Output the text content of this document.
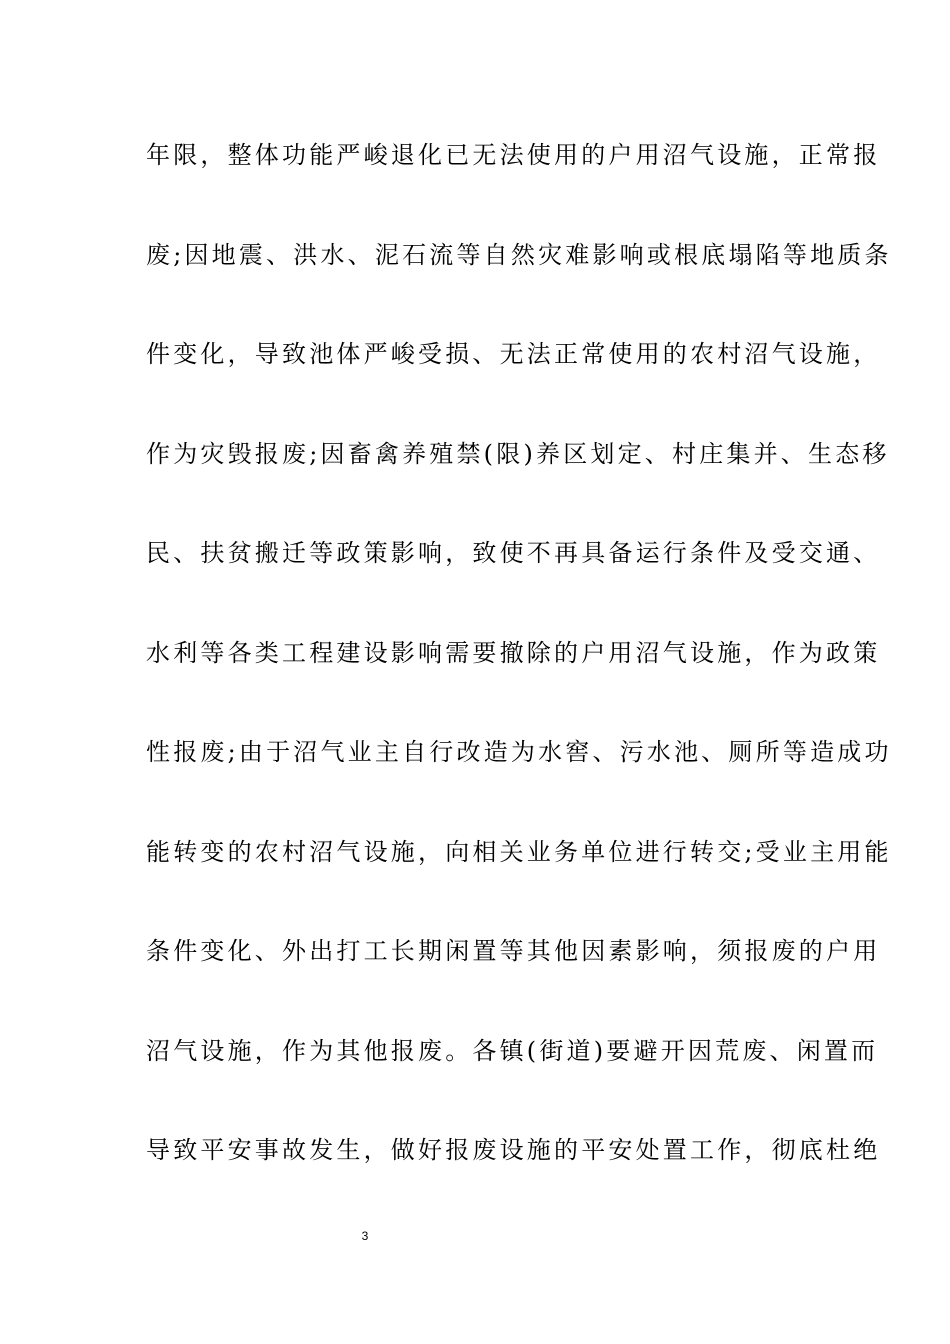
年限，整体功能严峻退化已无法使用的户用沼气设施，正常报
废;因地震、洪水、泥石流等自然灾难影响或根底塌陷等地质条
件变化，导致池体严峻受损、无法正常使用的农村沼气设施，
作为灾毁报废;因畜禽养殖禁(限)养区划定、村庄集并、生态移
民、扶贫搬迁等政策影响，致使不再具备运行条件及受交通、
水利等各类工程建设影响需要撤除的户用沼气设施，作为政策
性报废;由于沼气业主自行改造为水窖、污水池、厕所等造成功
能转变的农村沼气设施，向相关业务单位进行转交;受业主用能
条件变化、外出打工长期闲置等其他因素影响，须报废的户用
沼气设施，作为其他报废。各镇(街道)要避开因荒废、闲置而
导致平安事故发生，做好报废设施的平安处置工作，彻底杜绝
3
